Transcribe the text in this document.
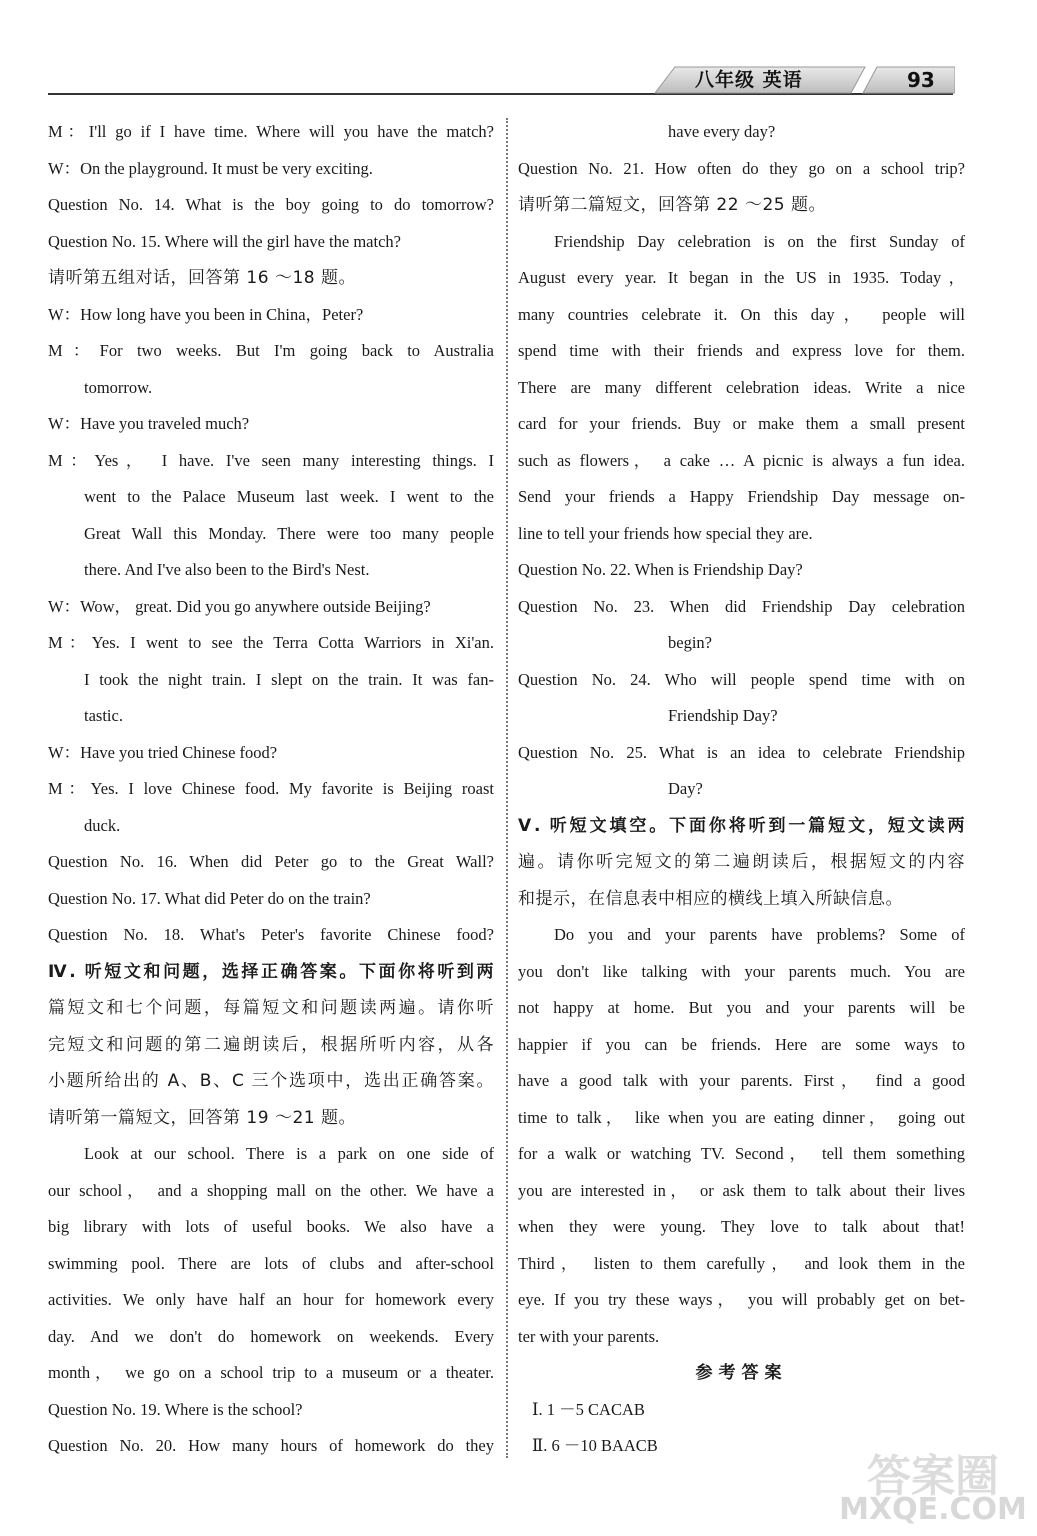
八年级 英语	93
M：I'll go if I have time. Where will you have the match?
W：On the playground. It must be very exciting.
Question No. 14. What is the boy going to do tomorrow?
Question No. 15. Where will the girl have the match?
请听第五组对话，回答第 16 ～18 题。
W：How long have you been in China，Peter?
M：For two weeks. But I'm going back to Australia
tomorrow.
W：Have you traveled much?
M：Yes， I have. I've seen many interesting things. I
went to the Palace Museum last week. I went to the
Great Wall this Monday. There were too many people
there. And I've also been to the Bird's Nest.
W：Wow， great. Did you go anywhere outside Beijing?
M：Yes. I went to see the Terra Cotta Warriors in Xi'an.
I took the night train. I slept on the train. It was fan-
tastic.
W：Have you tried Chinese food?
M：Yes. I love Chinese food. My favorite is Beijing roast
duck.
Question No. 16. When did Peter go to the Great Wall?
Question No. 17. What did Peter do on the train?
Question No. 18. What's Peter's favorite Chinese food?
Ⅳ. 听短文和问题，选择正确答案。下面你将听到两
篇短文和七个问题，每篇短文和问题读两遍。请你听
完短文和问题的第二遍朗读后，根据所听内容，从各
小题所给出的 A、B、C 三个选项中，选出正确答案。
请听第一篇短文，回答第 19 ～21 题。
Look at our school. There is a park on one side of
our school， and a shopping mall on the other. We have a
big library with lots of useful books. We also have a
swimming pool. There are lots of clubs and after-school
activities. We only have half an hour for homework every
day. And we don't do homework on weekends. Every
month， we go on a school trip to a museum or a theater.
Question No. 19. Where is the school?
Question No. 20. How many hours of homework do they
have every day?
Question No. 21. How often do they go on a school trip?
请听第二篇短文，回答第 22 ～25 题。
Friendship Day celebration is on the first Sunday of
August every year. It began in the US in 1935. Today，
many countries celebrate it. On this day， people will
spend time with their friends and express love for them.
There are many different celebration ideas. Write a nice
card for your friends. Buy or make them a small present
such as flowers， a cake … A picnic is always a fun idea.
Send your friends a Happy Friendship Day message on-
line to tell your friends how special they are.
Question No. 22. When is Friendship Day?
Question No. 23. When did Friendship Day celebration
begin?
Question No. 24. Who will people spend time with on
Friendship Day?
Question No. 25. What is an idea to celebrate Friendship
Day?
Ⅴ. 听短文填空。下面你将听到一篇短文，短文读两
遍。请你听完短文的第二遍朗读后，根据短文的内容
和提示，在信息表中相应的横线上填入所缺信息。
Do you and your parents have problems? Some of
you don't like talking with your parents much. You are
not happy at home. But you and your parents will be
happier if you can be friends. Here are some ways to
have a good talk with your parents. First， find a good
time to talk， like when you are eating dinner， going out
for a walk or watching TV. Second， tell them something
you are interested in， or ask them to talk about their lives
when they were young. They love to talk about that!
Third， listen to them carefully， and look them in the
eye. If you try these ways， you will probably get on bet-
ter with your parents.
参考答案
Ⅰ. 1 －5 CACAB
Ⅱ. 6 －10 BAACB
答案圈
MXQE.COM
